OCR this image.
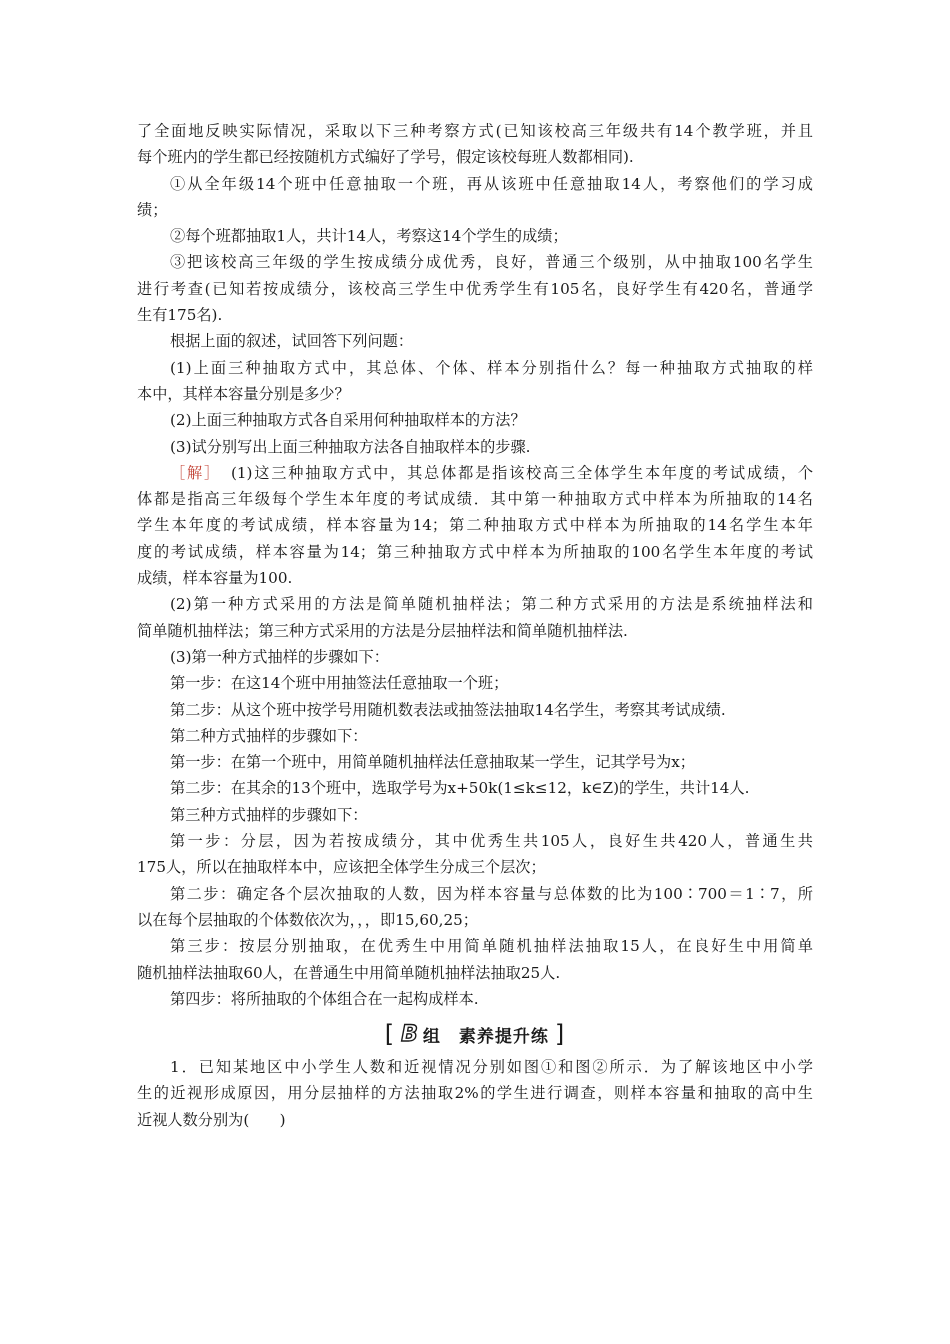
了全面地反映实际情况，采取以下三种考察方式(已知该校高三年级共有14个教学班，并且
每个班内的学生都已经按随机方式编好了学号，假定该校每班人数都相同).
①从全年级14个班中任意抽取一个班，再从该班中任意抽取14人，考察他们的学习成
绩；
②每个班都抽取1人，共计14人，考察这14个学生的成绩；
③把该校高三年级的学生按成绩分成优秀，良好，普通三个级别，从中抽取100名学生
进行考查(已知若按成绩分，该校高三学生中优秀学生有105名，良好学生有420名，普通学
生有175名).
根据上面的叙述，试回答下列问题：
(1)上面三种抽取方式中，其总体、个体、样本分别指什么？每一种抽取方式抽取的样
本中，其样本容量分别是多少？
(2)上面三种抽取方式各自采用何种抽取样本的方法？
(3)试分别写出上面三种抽取方法各自抽取样本的步骤.
［解］ (1)这三种抽取方式中，其总体都是指该校高三全体学生本年度的考试成绩，个
体都是指高三年级每个学生本年度的考试成绩．其中第一种抽取方式中样本为所抽取的14名
学生本年度的考试成绩，样本容量为14；第二种抽取方式中样本为所抽取的14名学生本年
度的考试成绩，样本容量为14；第三种抽取方式中样本为所抽取的100名学生本年度的考试
成绩，样本容量为100.
(2)第一种方式采用的方法是简单随机抽样法；第二种方式采用的方法是系统抽样法和
简单随机抽样法；第三种方式采用的方法是分层抽样法和简单随机抽样法.
(3)第一种方式抽样的步骤如下：
第一步：在这14个班中用抽签法任意抽取一个班；
第二步：从这个班中按学号用随机数表法或抽签法抽取14名学生，考察其考试成绩.
第二种方式抽样的步骤如下：
第一步：在第一个班中，用简单随机抽样法任意抽取某一学生，记其学号为x；
第二步：在其余的13个班中，选取学号为x+50k(1≤k≤12，k∈Z)的学生，共计14人.
第三种方式抽样的步骤如下：
第一步：分层，因为若按成绩分，其中优秀生共105人，良好生共420人，普通生共
175人，所以在抽取样本中，应该把全体学生分成三个层次；
第二步：确定各个层次抽取的人数，因为样本容量与总体数的比为100∶700＝1∶7，所
以在每个层抽取的个体数依次为，，，即15,60,25；
第三步：按层分别抽取，在优秀生中用简单随机抽样法抽取15人，在良好生中用简单
随机抽样法抽取60人，在普通生中用简单随机抽样法抽取25人.
第四步：将所抽取的个体组合在一起构成样本.
[ B 组　素养提升练 ]
1．已知某地区中小学生人数和近视情况分别如图①和图②所示．为了解该地区中小学
生的近视形成原因，用分层抽样的方法抽取2%的学生进行调查，则样本容量和抽取的高中生
近视人数分别为(　　)
